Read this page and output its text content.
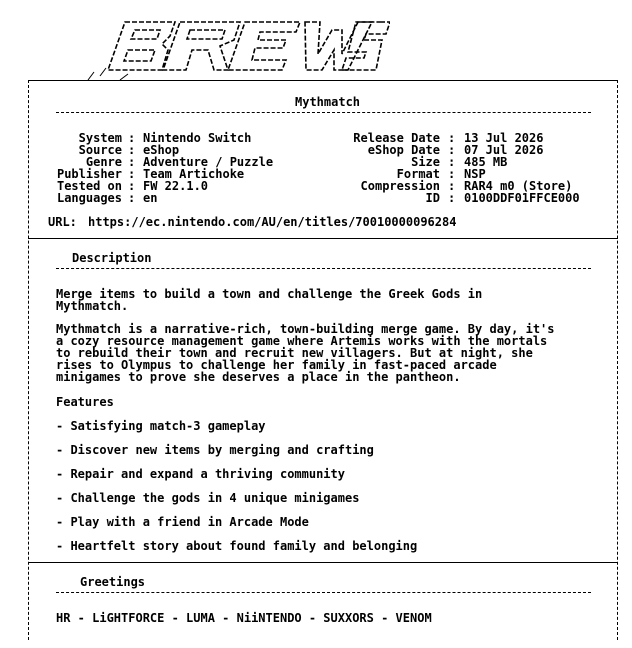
Mythmatch
System : Nintendo Switch
Source : eShop
Genre : Adventure / Puzzle
Publisher : Team Artichoke
Tested on : FW 22.1.0
Languages : en
Release Date : 13 Jul 2026
eShop Date : 07 Jul 2026
Size : 485 MB
Format : NSP
Compression : RAR4 m0 (Store)
ID : 0100DDF01FFCE000
URL: https://ec.nintendo.com/AU/en/titles/70010000096284
Description
Merge items to build a town and challenge the Greek Gods in
Mythmatch.
Mythmatch is a narrative-rich, town-building merge game. By day, it's
a cozy resource management game where Artemis works with the mortals
to rebuild their town and recruit new villagers. But at night, she
rises to Olympus to challenge her family in fast-paced arcade
minigames to prove she deserves a place in the pantheon.
Features
- Satisfying match-3 gameplay
- Discover new items by merging and crafting
- Repair and expand a thriving community
- Challenge the gods in 4 unique minigames
- Play with a friend in Arcade Mode
- Heartfelt story about found family and belonging
Greetings
HR - LiGHTFORCE - LUMA - NiiNTENDO - SUXXORS - VENOM
